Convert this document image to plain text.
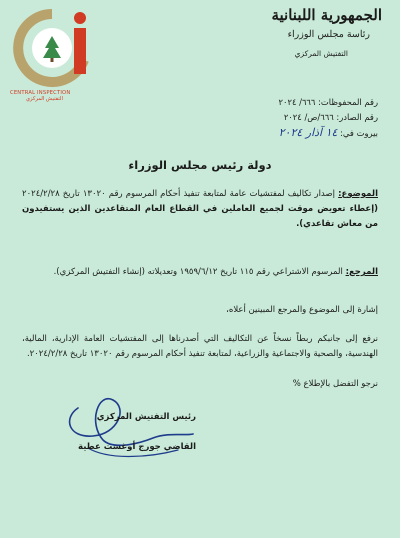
CENTRAL INSPECTION
التفتيش المركزي
الجمهورية اللبنانية
رئاسة مجلس الوزراء
التفتيش المركزي
رقم المحفوظات: ٦٦٦/ ٢٠٢٤
رقم الصادر: ٦٦٦/ص/ ٢٠٢٤
بيروت في: ١٤ آذار ٢٠٢٤
دولة رئيس مجلس الوزراء
الموضوع: إصدار تكاليف لمفتشيات عامة لمتابعة تنفيذ أحكام المرسوم رقم ١٣٠٢٠ تاريخ ٢٠٢٤/٢/٢٨ (إعطاء تعويض موقت لجميع العاملين في القطاع العام المتقاعدين الذين يستفيدون من معاش تقاعدي).
المرجع: المرسوم الاشتراعي رقم ١١٥ تاريخ ١٩٥٩/٦/١٢ وتعديلاته (إنشاء التفتيش المركزي).
إشارة إلى الموضوع والمرجع المبينين أعلاه،
نرفع إلى جانبكم ربطاً نسخاً عن التكاليف التي أصدرناها إلى المفتشيات العامة الإدارية، المالية، الهندسية، والصحية والاجتماعية والزراعية، لمتابعة تنفيذ أحكام المرسوم رقم ١٣٠٢٠ تاريخ ٢٠٢٤/٢/٢٨.
نرجو التفضل بالإطلاع %
رئيس التفتيش المركزي
القاضي جورج أوغست عطية
